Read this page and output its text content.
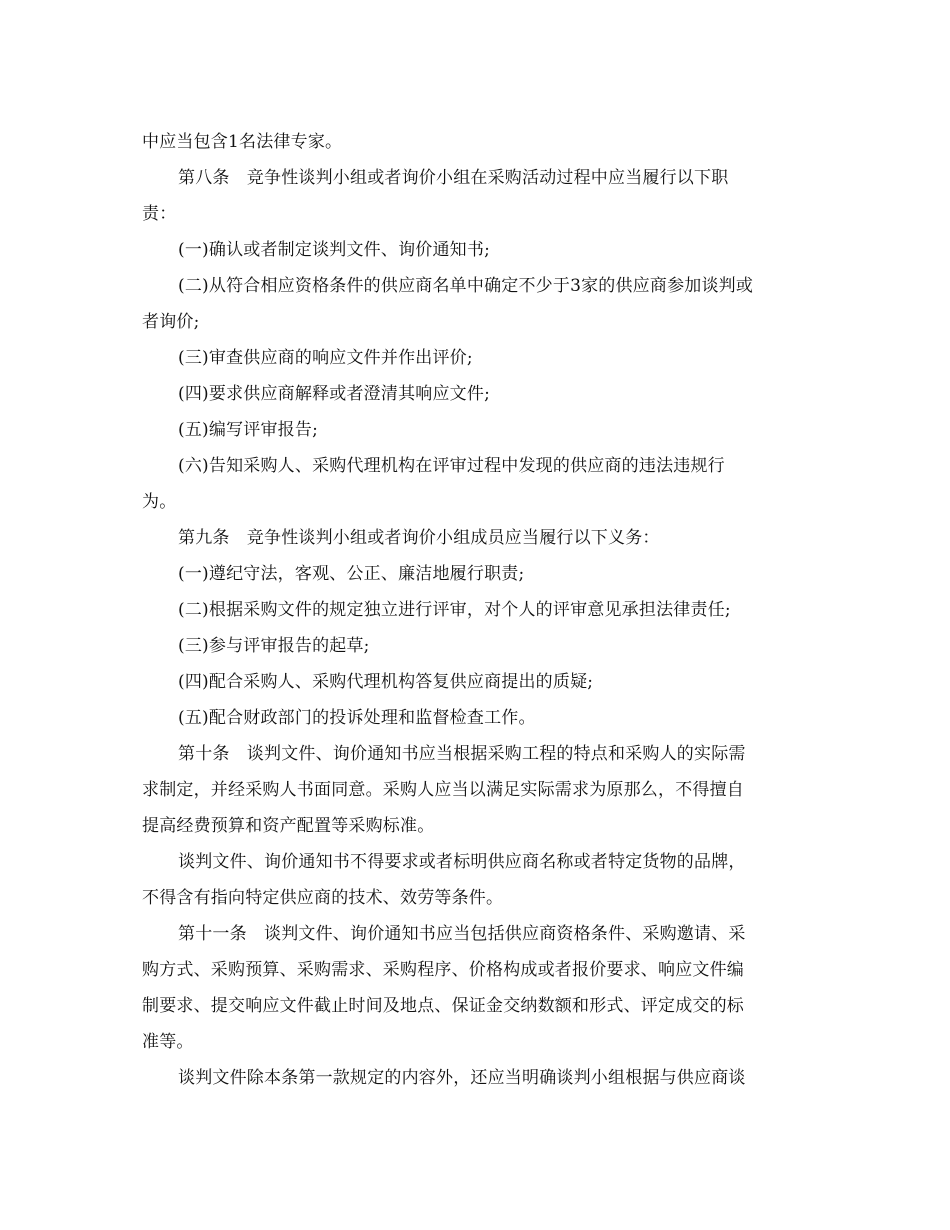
中应当包含1名法律专家。
第八条　竞争性谈判小组或者询价小组在采购活动过程中应当履行以下职
责：
(一)确认或者制定谈判文件、询价通知书;
(二)从符合相应资格条件的供应商名单中确定不少于3家的供应商参加谈判或
者询价;
(三)审查供应商的响应文件并作出评价;
(四)要求供应商解释或者澄清其响应文件;
(五)编写评审报告;
(六)告知采购人、采购代理机构在评审过程中发现的供应商的违法违规行
为。
第九条　竞争性谈判小组或者询价小组成员应当履行以下义务：
(一)遵纪守法，客观、公正、廉洁地履行职责;
(二)根据采购文件的规定独立进行评审，对个人的评审意见承担法律责任;
(三)参与评审报告的起草;
(四)配合采购人、采购代理机构答复供应商提出的质疑;
(五)配合财政部门的投诉处理和监督检查工作。
第十条　谈判文件、询价通知书应当根据采购工程的特点和采购人的实际需
求制定，并经采购人书面同意。采购人应当以满足实际需求为原那么，不得擅自
提高经费预算和资产配置等采购标准。
谈判文件、询价通知书不得要求或者标明供应商名称或者特定货物的品牌，
不得含有指向特定供应商的技术、效劳等条件。
第十一条　谈判文件、询价通知书应当包括供应商资格条件、采购邀请、采
购方式、采购预算、采购需求、采购程序、价格构成或者报价要求、响应文件编
制要求、提交响应文件截止时间及地点、保证金交纳数额和形式、评定成交的标
准等。
谈判文件除本条第一款规定的内容外，还应当明确谈判小组根据与供应商谈
